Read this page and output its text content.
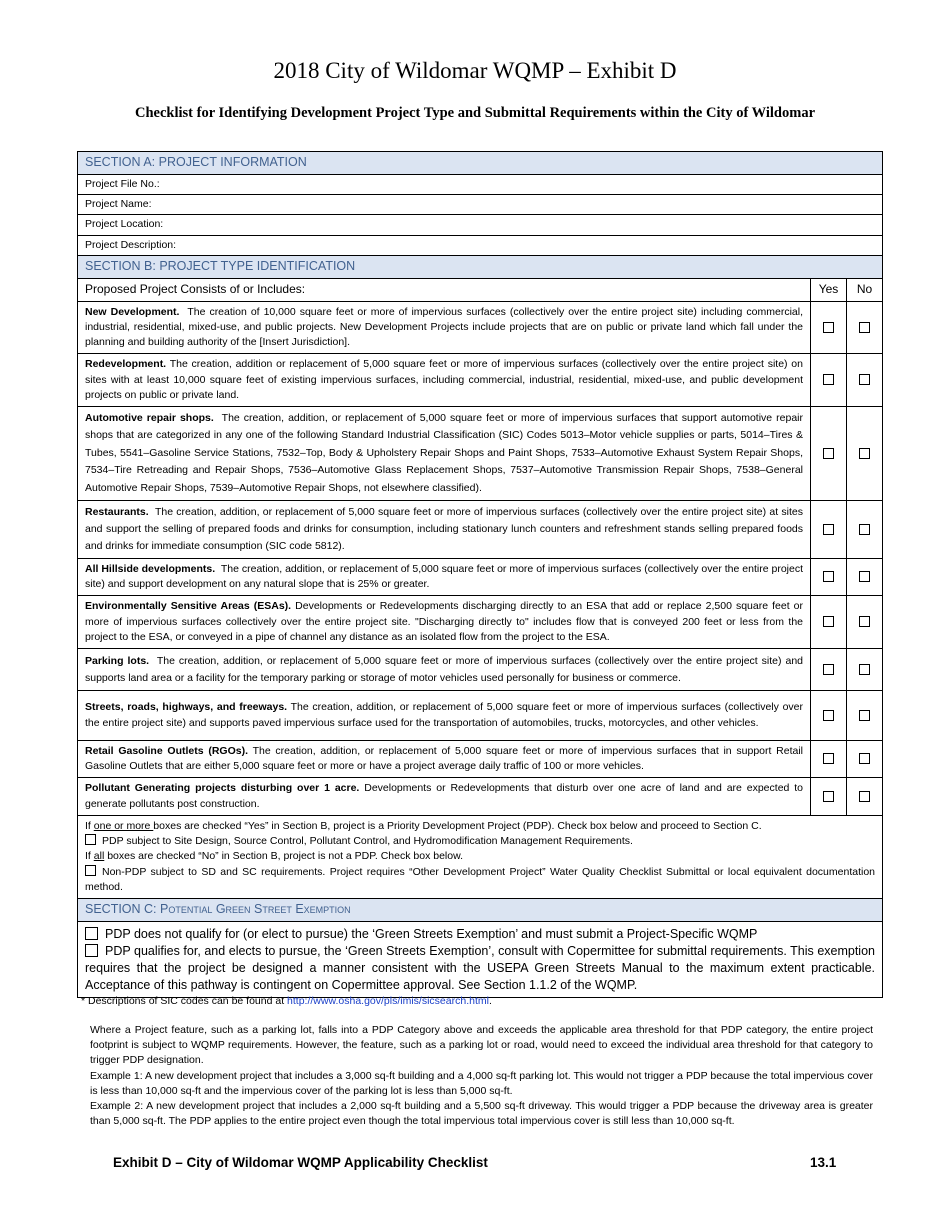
2018 City of Wildomar WQMP – Exhibit D
Checklist for Identifying Development Project Type and Submittal Requirements within the City of Wildomar
SECTION A: PROJECT INFORMATION		
Project File No.:		
Project Name:		
Project Location:		
Project Description:		
SECTION B: PROJECT TYPE IDENTIFICATION		
Proposed Project Consists of or Includes:	Yes	No
New Development. The creation of 10,000 square feet or more of impervious surfaces (collectively over the entire project site) including commercial, industrial, residential, mixed-use, and public projects. New Development Projects include projects that are on public or private land which fall under the planning and building authority of the [Insert Jurisdiction].		
Redevelopment. The creation, addition or replacement of 5,000 square feet or more of impervious surfaces (collectively over the entire project site) on sites with at least 10,000 square feet of existing impervious surfaces, including commercial, industrial, residential, mixed-use, and public development projects on public or private land.		
Automotive repair shops. The creation, addition, or replacement of 5,000 square feet or more of impervious surfaces that support automotive repair shops that are categorized in any one of the following Standard Industrial Classification (SIC) Codes 5013–Motor vehicle supplies or parts, 5014–Tires & Tubes, 5541–Gasoline Service Stations, 7532–Top, Body & Upholstery Repair Shops and Paint Shops, 7533–Automotive Exhaust System Repair Shops, 7534–Tire Retreading and Repair Shops, 7536–Automotive Glass Replacement Shops, 7537–Automotive Transmission Repair Shops, 7538–General Automotive Repair Shops, 7539–Automotive Repair Shops, not elsewhere classified).		
Restaurants. The creation, addition, or replacement of 5,000 square feet or more of impervious surfaces (collectively over the entire project site) at sites and support the selling of prepared foods and drinks for consumption, including stationary lunch counters and refreshment stands selling prepared foods and drinks for immediate consumption (SIC code 5812).		
All Hillside developments. The creation, addition, or replacement of 5,000 square feet or more of impervious surfaces (collectively over the entire project site) and support development on any natural slope that is 25% or greater.		
Environmentally Sensitive Areas (ESAs). Developments or Redevelopments discharging directly to an ESA that add or replace 2,500 square feet or more of impervious surfaces collectively over the entire project site. "Discharging directly to" includes flow that is conveyed 200 feet or less from the project to the ESA, or conveyed in a pipe of channel any distance as an isolated flow from the project to the ESA.		
Parking lots. The creation, addition, or replacement of 5,000 square feet or more of impervious surfaces (collectively over the entire project site) and supports land area or a facility for the temporary parking or storage of motor vehicles used personally for business or commerce.		
Streets, roads, highways, and freeways. The creation, addition, or replacement of 5,000 square feet or more of impervious surfaces (collectively over the entire project site) and supports paved impervious surface used for the transportation of automobiles, trucks, motorcycles, and other vehicles.		
Retail Gasoline Outlets (RGOs). The creation, addition, or replacement of 5,000 square feet or more of impervious surfaces that in support Retail Gasoline Outlets that are either 5,000 square feet or more or have a project average daily traffic of 100 or more vehicles.		
Pollutant Generating projects disturbing over 1 acre. Developments or Redevelopments that disturb over one acre of land and are expected to generate pollutants post construction.		

If one or more boxes are checked “Yes” in Section B, project is a Priority Development Project (PDP). Check box below and proceed to Section C.

PDP subject to Site Design, Source Control, Pollutant Control, and Hydromodification Management Requirements.

If all boxes are checked “No” in Section B, project is not a PDP. Check box below.

Non-PDP subject to SD and SC requirements. Project requires “Other Development Project” Water Quality Checklist Submittal or local equivalent documentation method.		

SECTION C: Potential Green Street Exemption		

PDP does not qualify for (or elect to pursue) the ‘Green Streets Exemption’ and must submit a Project-Specific WQMP

PDP qualifies for, and elects to pursue, the ‘Green Streets Exemption’, consult with Copermittee for submittal requirements. This exemption requires that the project be designed a manner consistent with the USEPA Green Streets Manual to the maximum extent practicable. Acceptance of this pathway is contingent on Copermittee approval. See Section 1.1.2 of the WQMP.		

* Descriptions of SIC codes can be found at http://www.osha.gov/pls/imis/sicsearch.html.

Where a Project feature, such as a parking lot, falls into a PDP Category above and exceeds the applicable area threshold for that PDP category, the entire project footprint is subject to WQMP requirements. However, the feature, such as a parking lot or road, would need to exceed the individual area threshold for that category to trigger PDP designation.

Example 1: A new development project that includes a 3,000 sq-ft building and a 4,000 sq-ft parking lot. This would not trigger a PDP because the total impervious cover is less than 10,000 sq-ft and the impervious cover of the parking lot is less than 5,000 sq-ft.

Example 2: A new development project that includes a 2,000 sq-ft building and a 5,500 sq-ft driveway. This would trigger a PDP because the driveway area is greater than 5,000 sq-ft. The PDP applies to the entire project even though the total impervious total impervious cover is still less than 10,000 sq-ft.

Exhibit D – City of Wildomar WQMP Applicability Checklist	13.1
